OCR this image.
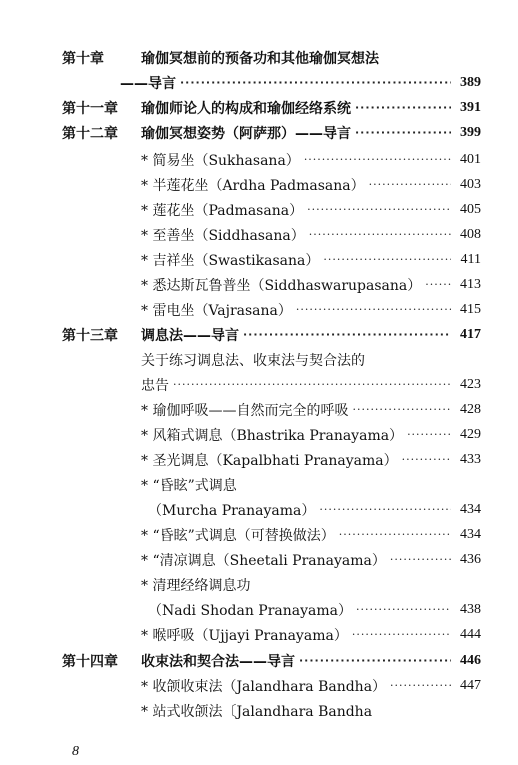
第十章	瑜伽冥想前的预备功和其他瑜伽冥想法
——导言 ·····	389
第十一章 瑜伽师论人的构成和瑜伽经络系统 ·····	391
第十二章 瑜伽冥想姿势（阿萨那）——导言 ·····	399
* 简易坐（Sukhasana） ·····	401
* 半莲花坐（Ardha Padmasana） ·····	403
* 莲花坐（Padmasana） ·····	405
* 至善坐（Siddhasana） ·····	408
* 吉祥坐（Swastikasana） ·····	411
* 悉达斯瓦鲁普坐（Siddhaswarupasana） ·····	413
* 雷电坐（Vajrasana） ·····	415
第十三章 调息法——导言 ·····	417
关于练习调息法、收束法与契合法的
忠告 ·····	423
* 瑜伽呼吸——自然而完全的呼吸 ·····	428
* 风箱式调息（Bhastrika Pranayama） ·····	429
* 圣光调息（Kapalbhati Pranayama） ·····	433
* “昏眩”式调息
（Murcha Pranayama） ·····	434
* “昏眩”式调息（可替换做法） ·····	434
* “清凉调息（Sheetali Pranayama） ·····	436
* 清理经络调息功
（Nadi Shodan Pranayama） ·····	438
* 喉呼吸（Ujjayi Pranayama） ·····	444
第十四章 收束法和契合法——导言 ·····	446
* 收颌收束法（Jalandhara Bandha） ·····	447
* 站式收颌法〔Jalandhara Bandha
8
